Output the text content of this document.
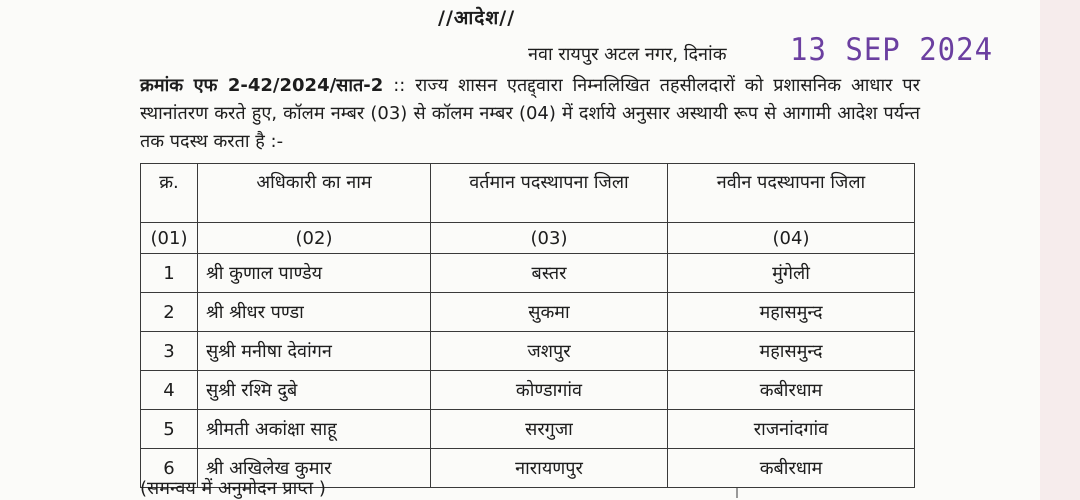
//आदेश//
नवा रायपुर अटल नगर, दिनांक 13 SEP 2024
क्रमांक एफ 2-42/2024/सात-2 :: राज्य शासन एतद्द्वारा निम्नलिखित तहसीलदारों को प्रशासनिक आधार पर स्थानांतरण करते हुए, कॉलम नम्बर (03) से कॉलम नम्बर (04) में दर्शाये अनुसार अस्थायी रूप से आगामी आदेश पर्यन्त तक पदस्थ करता है :-
क्र.	अधिकारी का नाम	वर्तमान पदस्थापना जिला	नवीन पदस्थापना जिला
(01)	(02)	(03)	(04)
1	श्री कुणाल पाण्डेय	बस्तर	मुंगेली
2	श्री श्रीधर पण्डा	सुकमा	महासमुन्द
3	सुश्री मनीषा देवांगन	जशपुर	महासमुन्द
4	सुश्री रश्मि दुबे	कोण्डागांव	कबीरधाम
5	श्रीमती अकांक्षा साहू	सरगुजा	राजनांदगांव
6	श्री अखिलेख कुमार	नारायणपुर	कबीरधाम
(समन्वय में अनुमोदन प्राप्त )
